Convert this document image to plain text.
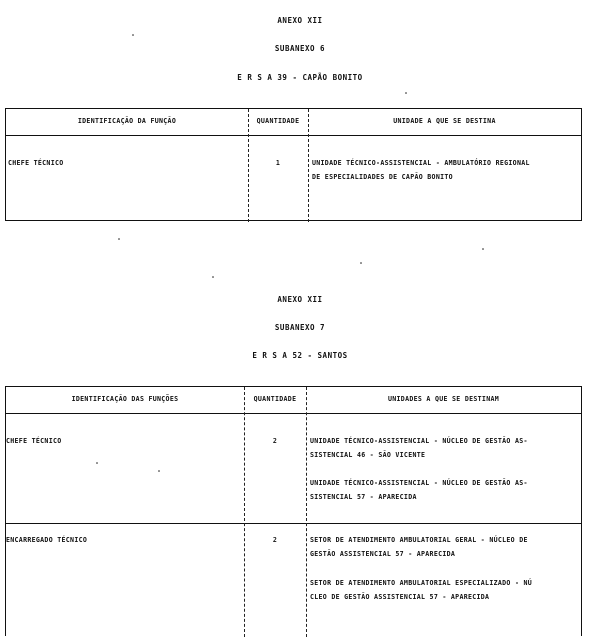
ANEXO XII
SUBANEXO 6
E R S A 39 - CAPÃO BONITO
IDENTIFICAÇÃO DA FUNÇÃO	QUANTIDADE	UNIDADE A QUE SE DESTINA
CHEFE TÉCNICO	1	UNIDADE TÉCNICO-ASSISTENCIAL - AMBULATÓRIO REGIONAL
DE ESPECIALIDADES DE CAPÃO BONITO
ANEXO XII
SUBANEXO 7
E R S A 52 - SANTOS
IDENTIFICAÇÃO DAS FUNÇÕES	QUANTIDADE	UNIDADES A QUE SE DESTINAM
CHEFE TÉCNICO	2	UNIDADE TÉCNICO-ASSISTENCIAL - NÚCLEO DE GESTÃO AS-
SISTENCIAL 46 - SÃO VICENTE
UNIDADE TÉCNICO-ASSISTENCIAL - NÚCLEO DE GESTÃO AS-
SISTENCIAL 57 - APARECIDA
ENCARREGADO TÉCNICO	2	SETOR DE ATENDIMENTO AMBULATORIAL GERAL - NÚCLEO DE
GESTÃO ASSISTENCIAL 57 - APARECIDA
SETOR DE ATENDIMENTO AMBULATORIAL ESPECIALIZADO - NÚ
CLEO DE GESTÃO ASSISTENCIAL 57 - APARECIDA
